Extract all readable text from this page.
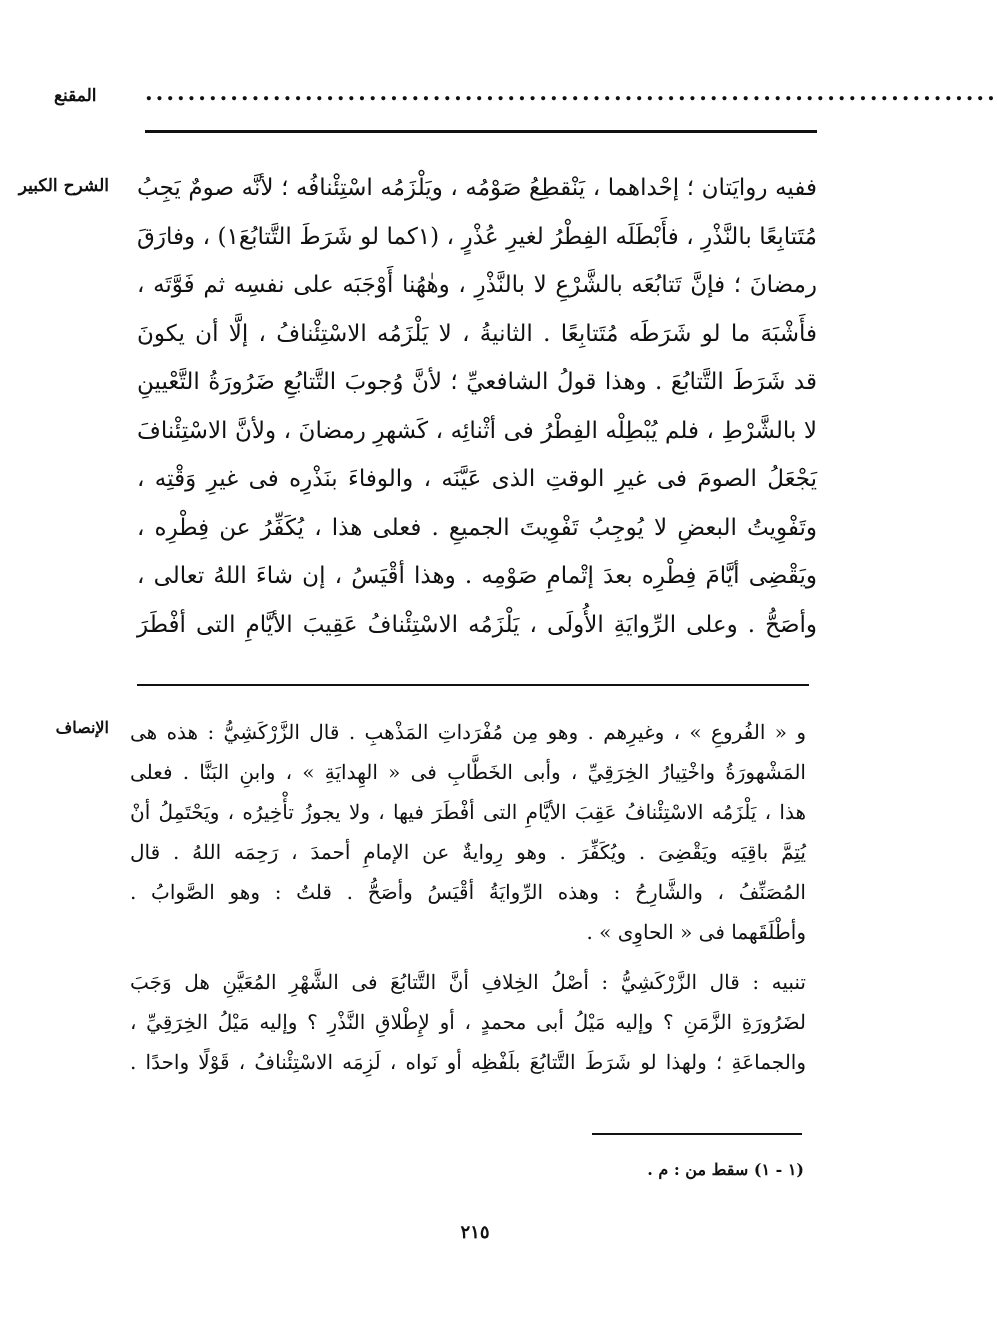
المقنع	................................................................................
الشرح الكبير ففيه روايَتان ؛ إحْداهما ، يَنْقطِعُ صَوْمُه ، ويَلْزَمُه اسْتِئْنافُه ؛ لأنَّه صومٌ يَجِبُ
مُتَتابِعًا بالنَّذْرِ ، فأَبْطَلَه الفِطْرُ لغيرِ عُذْرٍ ، (١كما لو شَرَطَ التَّتابُعَ١) ، وفارَقَ
رمضانَ ؛ فإنَّ تَتابُعَه بالشَّرْعِ لا بالنَّذْرِ ، وهٰهُنا أَوْجَبَه على نفسِه ثم فَوَّتَه ،
فأَشْبَهَ ما لو شَرَطَه مُتَتابِعًا . الثانيةُ ، لا يَلْزَمُه الاسْتِئْنافُ ، إلَّا أن يكونَ
قد شَرَطَ التَّتابُعَ . وهذا قولُ الشافعيِّ ؛ لأنَّ وُجوبَ التَّتابُعِ ضَرُورَةُ التَّعْيينِ
لا بالشَّرْطِ ، فلم يُبْطِلْه الفِطْرُ فى أثْنائِه ، كَشهرِ رمضانَ ، ولأنَّ الاسْتِئْنافَ
يَجْعَلُ الصومَ فى غيرِ الوقتِ الذى عَيَّنَه ، والوفاءَ بنَذْرِه فى غيرِ وَقْتِه ،
وتَفْوِيتُ البعضِ لا يُوجِبُ تَفْوِيتَ الجميعِ . فعلى هذا ، يُكَفِّرُ عن فِطْرِه ،
ويَقْضِى أيَّامَ فِطْرِه بعدَ إتْمامِ صَوْمِه . وهذا أقْيَسُ ، إن شاءَ اللهُ تعالى ،
وأصَحُّ . وعلى الرِّوايَةِ الأُولَى ، يَلْزَمُه الاسْتِئْنافُ عَقِيبَ الأيَّامِ التى أفْطَرَ
الإنصاف و « الفُروعِ » ، وغيرِهم . وهو مِن مُفْرَداتِ المَذْهبِ . قال الزَّرْكَشِيُّ : هذه هى
المَشْهورَةُ واخْتِيارُ الخِرَقِيِّ ، وأبى الخَطَّابِ فى « الهِدايَةِ » ، وابنِ البَنَّا . فعلى
هذا ، يَلْزَمُه الاسْتِئْنافُ عَقِبَ الأيَّامِ التى أفْطَرَ فيها ، ولا يجوزُ تأْخِيرُه ، ويَحْتَمِلُ أنْ
يُتِمَّ باقِيَه ويَقْضِىَ . ويُكَفِّرَ . وهو رِوايةٌ عن الإمامِ أحمدَ ، رَحِمَه اللهُ . قال
المُصَنِّفُ ، والشَّارِحُ : وهذه الرِّوايَةُ أقْيَسُ وأصَحُّ . قلتُ : وهو الصَّوابُ .
وأطْلَقَهما فى « الحاوِى » .
تنبيه : قال الزَّرْكَشِيُّ : أصْلُ الخِلافِ أنَّ التَّتابُعَ فى الشَّهْرِ المُعَيَّنِ هل وَجَبَ
لضَرُورَةِ الزَّمَنِ ؟ وإليه مَيْلُ أبى محمدٍ ، أو لإِطْلاقِ النَّذْرِ ؟ وإليه مَيْلُ الخِرَقِيِّ ،
والجماعَةِ ؛ ولهذا لو شَرَطَ التَّتابُعَ بلَفْظِه أو نَواه ، لَزِمَه الاسْتِئْنافُ ، قَوْلًا واحدًا .
(١ - ١) سقط من : م .
٢١٥
